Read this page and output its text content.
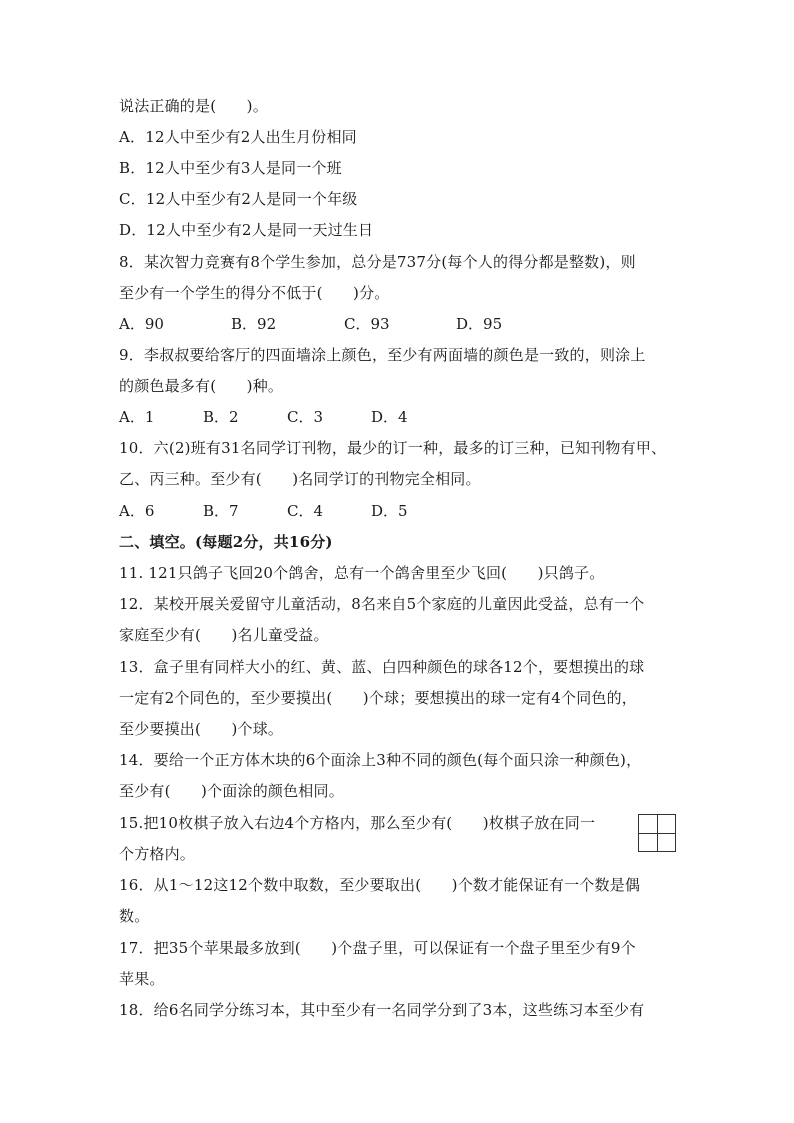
说法正确的是(　　)。
A．12人中至少有2人出生月份相同
B．12人中至少有3人是同一个班
C．12人中至少有2人是同一个年级
D．12人中至少有2人是同一天过生日
8．某次智力竞赛有8个学生参加，总分是737分(每个人的得分都是整数)，则
至少有一个学生的得分不低于(　　)分。
A．90	B．92	C．93	D．95
9．李叔叔要给客厅的四面墙涂上颜色，至少有两面墙的颜色是一致的，则涂上
的颜色最多有(　　)种。
A．1	B．2	C．3	D．4
10．六(2)班有31名同学订刊物，最少的订一种，最多的订三种，已知刊物有甲、
乙、丙三种。至少有(　　)名同学订的刊物完全相同。
A．6	B．7	C．4	D．5
二、填空。(每题2分，共16分)
11. 121只鸽子飞回20个鸽舍，总有一个鸽舍里至少飞回(　　)只鸽子。
12．某校开展关爱留守儿童活动，8名来自5个家庭的儿童因此受益，总有一个
家庭至少有(　　)名儿童受益。
13．盒子里有同样大小的红、黄、蓝、白四种颜色的球各12个，要想摸出的球
一定有2个同色的，至少要摸出(　　)个球；要想摸出的球一定有4个同色的，
至少要摸出(　　)个球。
14．要给一个正方体木块的6个面涂上3种不同的颜色(每个面只涂一种颜色)，
至少有(　　)个面涂的颜色相同。
15.把10枚棋子放入右边4个方格内，那么至少有(　　)枚棋子放在同一
个方格内。
16．从1～12这12个数中取数，至少要取出(　　)个数才能保证有一个数是偶
数。
17．把35个苹果最多放到(　　)个盘子里，可以保证有一个盘子里至少有9个
苹果。
18．给6名同学分练习本，其中至少有一名同学分到了3本，这些练习本至少有
